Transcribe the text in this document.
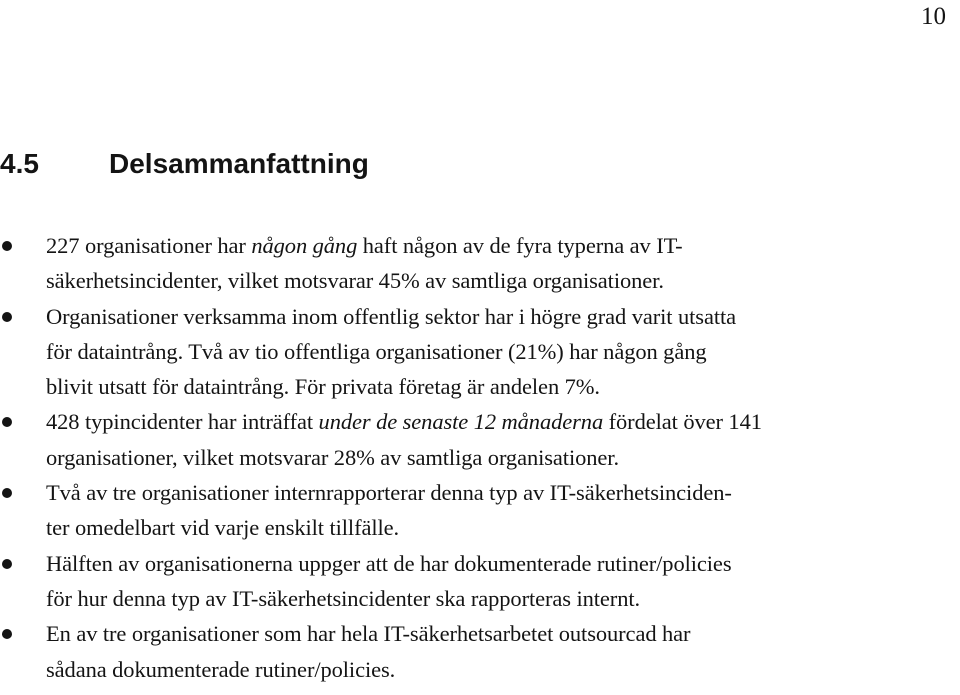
10
4.5	Delsammanfattning
227 organisationer har någon gång haft någon av de fyra typerna av IT-
säkerhetsincidenter, vilket motsvarar 45% av samtliga organisationer.
Organisationer verksamma inom offentlig sektor har i högre grad varit utsatta
för dataintrång. Två av tio offentliga organisationer (21%) har någon gång
blivit utsatt för dataintrång. För privata företag är andelen 7%.
428 typincidenter har inträffat under de senaste 12 månaderna fördelat över 141
organisationer, vilket motsvarar 28% av samtliga organisationer.
Två av tre organisationer internrapporterar denna typ av IT-säkerhetsinciden-
ter omedelbart vid varje enskilt tillfälle.
Hälften av organisationerna uppger att de har dokumenterade rutiner/policies
för hur denna typ av IT-säkerhetsincidenter ska rapporteras internt.
En av tre organisationer som har hela IT-säkerhetsarbetet outsourcad har
sådana dokumenterade rutiner/policies.
